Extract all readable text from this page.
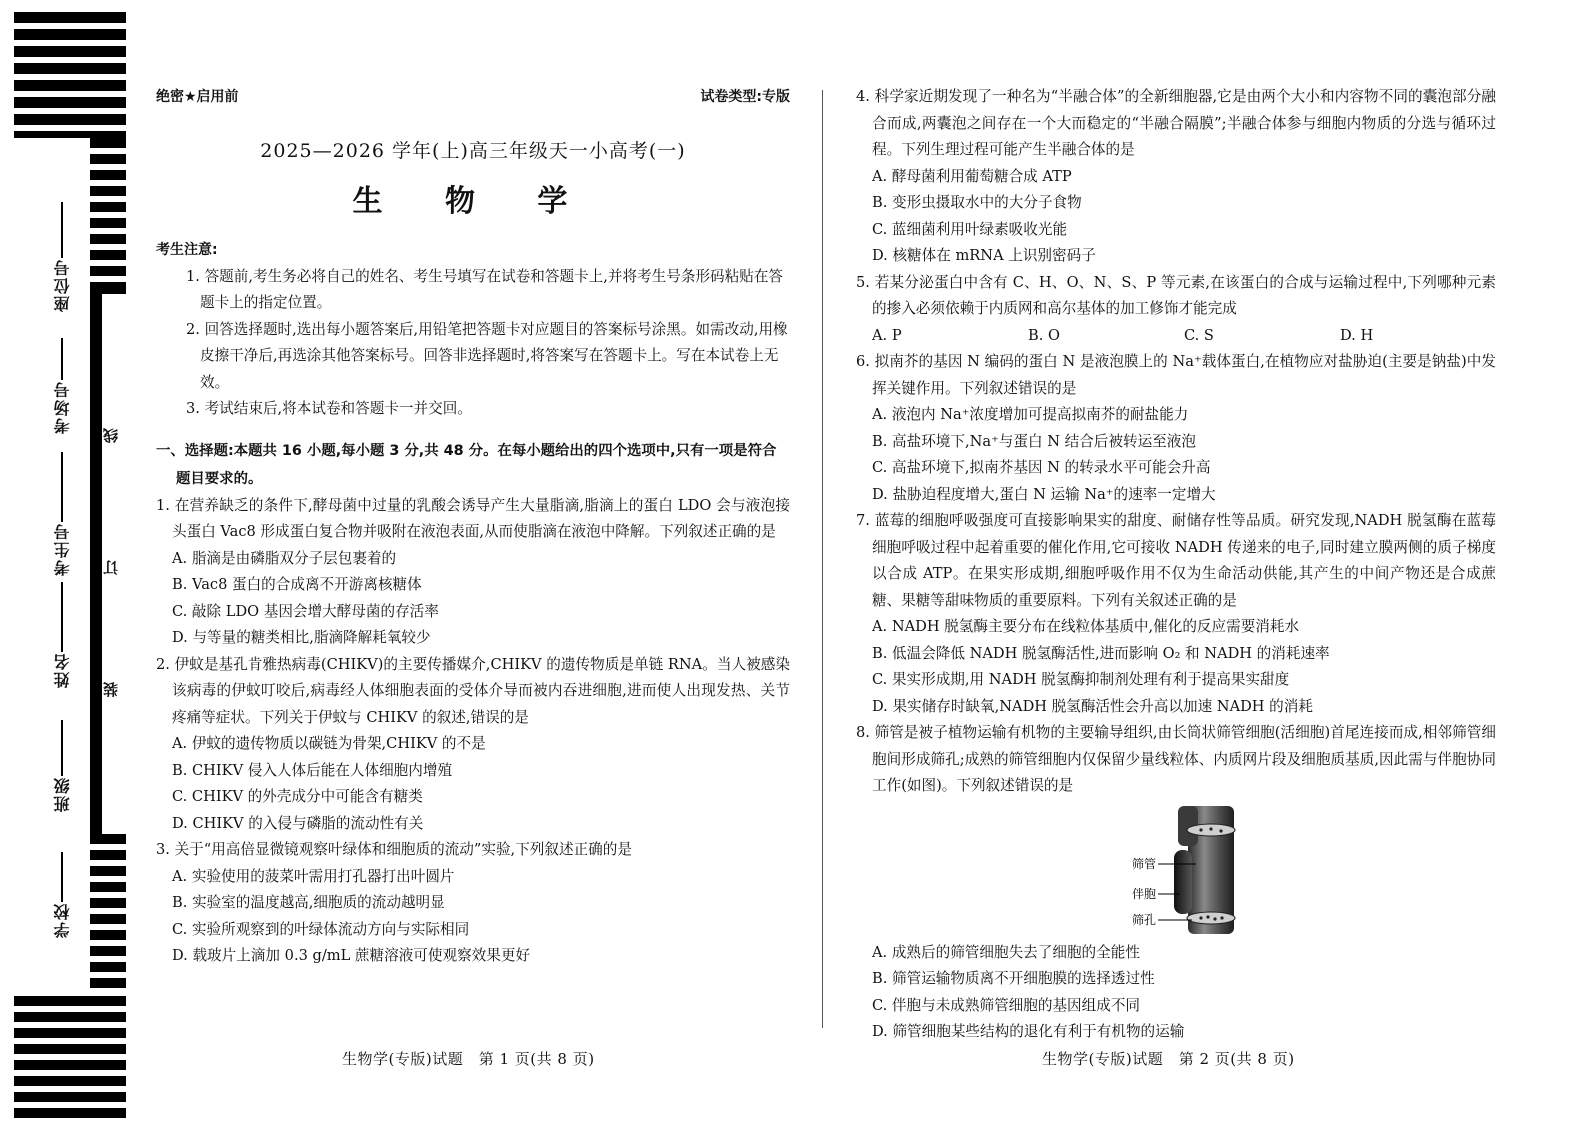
座位号
考场号
考生号
姓名
班级
学校
线
订
装
绝密★启用前	试卷类型:专版
2025—2026 学年(上)高三年级天一小高考(一)
生 物 学
考生注意:
1. 答题前,考生务必将自己的姓名、考生号填写在试卷和答题卡上,并将考生号条形码粘贴在答题卡上的指定位置。
2. 回答选择题时,选出每小题答案后,用铅笔把答题卡对应题目的答案标号涂黑。如需改动,用橡皮擦干净后,再选涂其他答案标号。回答非选择题时,将答案写在答题卡上。写在本试卷上无效。
3. 考试结束后,将本试卷和答题卡一并交回。
一、选择题:本题共 16 小题,每小题 3 分,共 48 分。在每小题给出的四个选项中,只有一项是符合题目要求的。
1. 在营养缺乏的条件下,酵母菌中过量的乳酸会诱导产生大量脂滴,脂滴上的蛋白 LDO 会与液泡接头蛋白 Vac8 形成蛋白复合物并吸附在液泡表面,从而使脂滴在液泡中降解。下列叙述正确的是
A. 脂滴是由磷脂双分子层包裹着的
B. Vac8 蛋白的合成离不开游离核糖体
C. 敲除 LDO 基因会增大酵母菌的存活率
D. 与等量的糖类相比,脂滴降解耗氧较少
2. 伊蚊是基孔肯雅热病毒(CHIKV)的主要传播媒介,CHIKV 的遗传物质是单链 RNA。当人被感染该病毒的伊蚊叮咬后,病毒经人体细胞表面的受体介导而被内吞进细胞,进而使人出现发热、关节疼痛等症状。下列关于伊蚊与 CHIKV 的叙述,错误的是
A. 伊蚊的遗传物质以碳链为骨架,CHIKV 的不是
B. CHIKV 侵入人体后能在人体细胞内增殖
C. CHIKV 的外壳成分中可能含有糖类
D. CHIKV 的入侵与磷脂的流动性有关
3. 关于“用高倍显微镜观察叶绿体和细胞质的流动”实验,下列叙述正确的是
A. 实验使用的菠菜叶需用打孔器打出叶圆片
B. 实验室的温度越高,细胞质的流动越明显
C. 实验所观察到的叶绿体流动方向与实际相同
D. 载玻片上滴加 0.3 g/mL 蔗糖溶液可使观察效果更好
4. 科学家近期发现了一种名为“半融合体”的全新细胞器,它是由两个大小和内容物不同的囊泡部分融合而成,两囊泡之间存在一个大而稳定的“半融合隔膜”;半融合体参与细胞内物质的分选与循环过程。下列生理过程可能产生半融合体的是
A. 酵母菌利用葡萄糖合成 ATP
B. 变形虫摄取水中的大分子食物
C. 蓝细菌利用叶绿素吸收光能
D. 核糖体在 mRNA 上识别密码子
5. 若某分泌蛋白中含有 C、H、O、N、S、P 等元素,在该蛋白的合成与运输过程中,下列哪种元素的掺入必须依赖于内质网和高尔基体的加工修饰才能完成
A. P	B. O	C. S	D. H
6. 拟南芥的基因 N 编码的蛋白 N 是液泡膜上的 Na⁺载体蛋白,在植物应对盐胁迫(主要是钠盐)中发挥关键作用。下列叙述错误的是
A. 液泡内 Na⁺浓度增加可提高拟南芥的耐盐能力
B. 高盐环境下,Na⁺与蛋白 N 结合后被转运至液泡
C. 高盐环境下,拟南芥基因 N 的转录水平可能会升高
D. 盐胁迫程度增大,蛋白 N 运输 Na⁺的速率一定增大
7. 蓝莓的细胞呼吸强度可直接影响果实的甜度、耐储存性等品质。研究发现,NADH 脱氢酶在蓝莓细胞呼吸过程中起着重要的催化作用,它可接收 NADH 传递来的电子,同时建立膜两侧的质子梯度以合成 ATP。在果实形成期,细胞呼吸作用不仅为生命活动供能,其产生的中间产物还是合成蔗糖、果糖等甜味物质的重要原料。下列有关叙述正确的是
A. NADH 脱氢酶主要分布在线粒体基质中,催化的反应需要消耗水
B. 低温会降低 NADH 脱氢酶活性,进而影响 O₂ 和 NADH 的消耗速率
C. 果实形成期,用 NADH 脱氢酶抑制剂处理有利于提高果实甜度
D. 果实储存时缺氧,NADH 脱氢酶活性会升高以加速 NADH 的消耗
8. 筛管是被子植物运输有机物的主要输导组织,由长筒状筛管细胞(活细胞)首尾连接而成,相邻筛管细胞间形成筛孔;成熟的筛管细胞内仅保留少量线粒体、内质网片段及细胞质基质,因此需与伴胞协同工作(如图)。下列叙述错误的是
筛管
伴胞
筛孔
A. 成熟后的筛管细胞失去了细胞的全能性
B. 筛管运输物质离不开细胞膜的选择透过性
C. 伴胞与未成熟筛管细胞的基因组成不同
D. 筛管细胞某些结构的退化有利于有机物的运输
生物学(专版)试题　第 1 页(共 8 页)	生物学(专版)试题　第 2 页(共 8 页)
